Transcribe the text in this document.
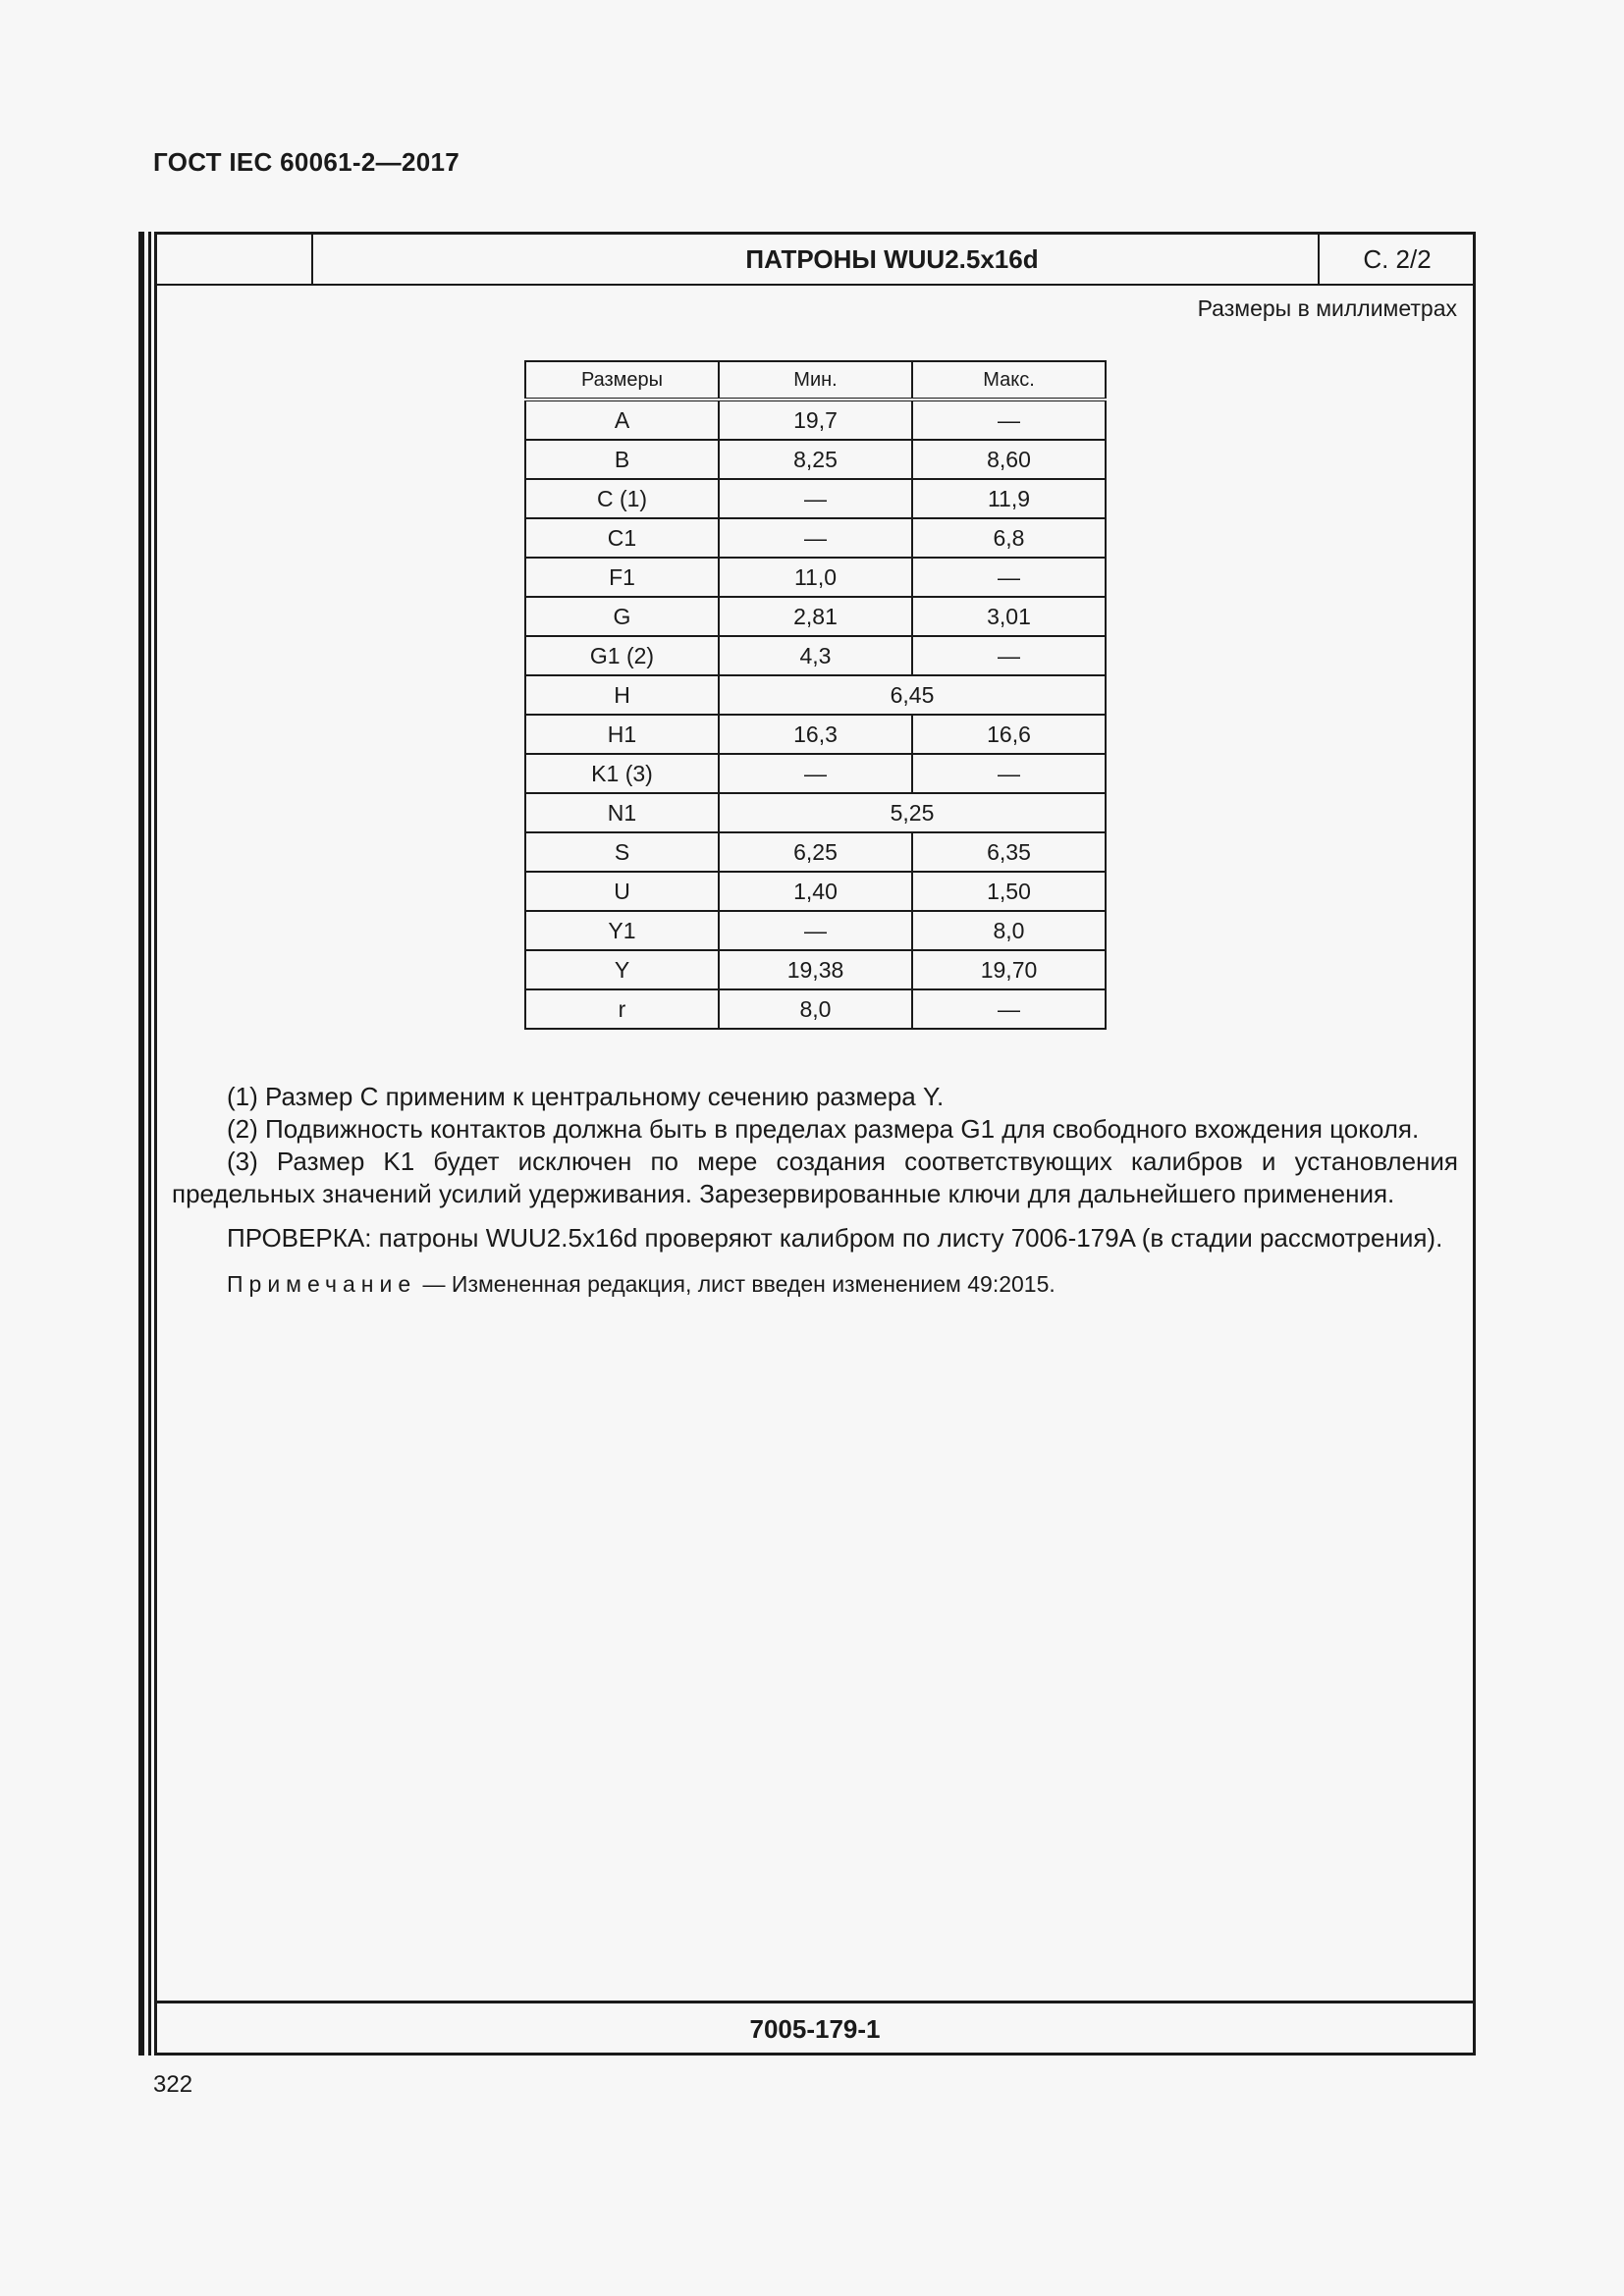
ГОСТ IEC 60061-2—2017
ПАТРОНЫ WUU2.5x16d	С. 2/2
Размеры в миллиметрах
Размеры	Мин.	Макс.
A	19,7	—
B	8,25	8,60
C (1)	—	11,9
C1	—	6,8
F1	11,0	—
G	2,81	3,01
G1 (2)	4,3	—
H	6,45	
H1	16,3	16,6
K1 (3)	—	—
N1	5,25	
S	6,25	6,35
U	1,40	1,50
Y1	—	8,0
Y	19,38	19,70
r	8,0	—

(1) Размер C применим к центральному сечению размера Y.

(2) Подвижность контактов должна быть в пределах размера G1 для свободного вхождения цоколя.

(3) Размер K1 будет исключен по мере создания соответствующих калибров и установления предельных значений усилий удерживания. Зарезервированные ключи для дальнейшего применения.

ПРОВЕРКА: патроны WUU2.5x16d проверяют калибром по листу 7006-179A (в стадии рассмотрения).

Примечание — Измененная редакция, лист введен изменением 49:2015.

7005-179-1
322
